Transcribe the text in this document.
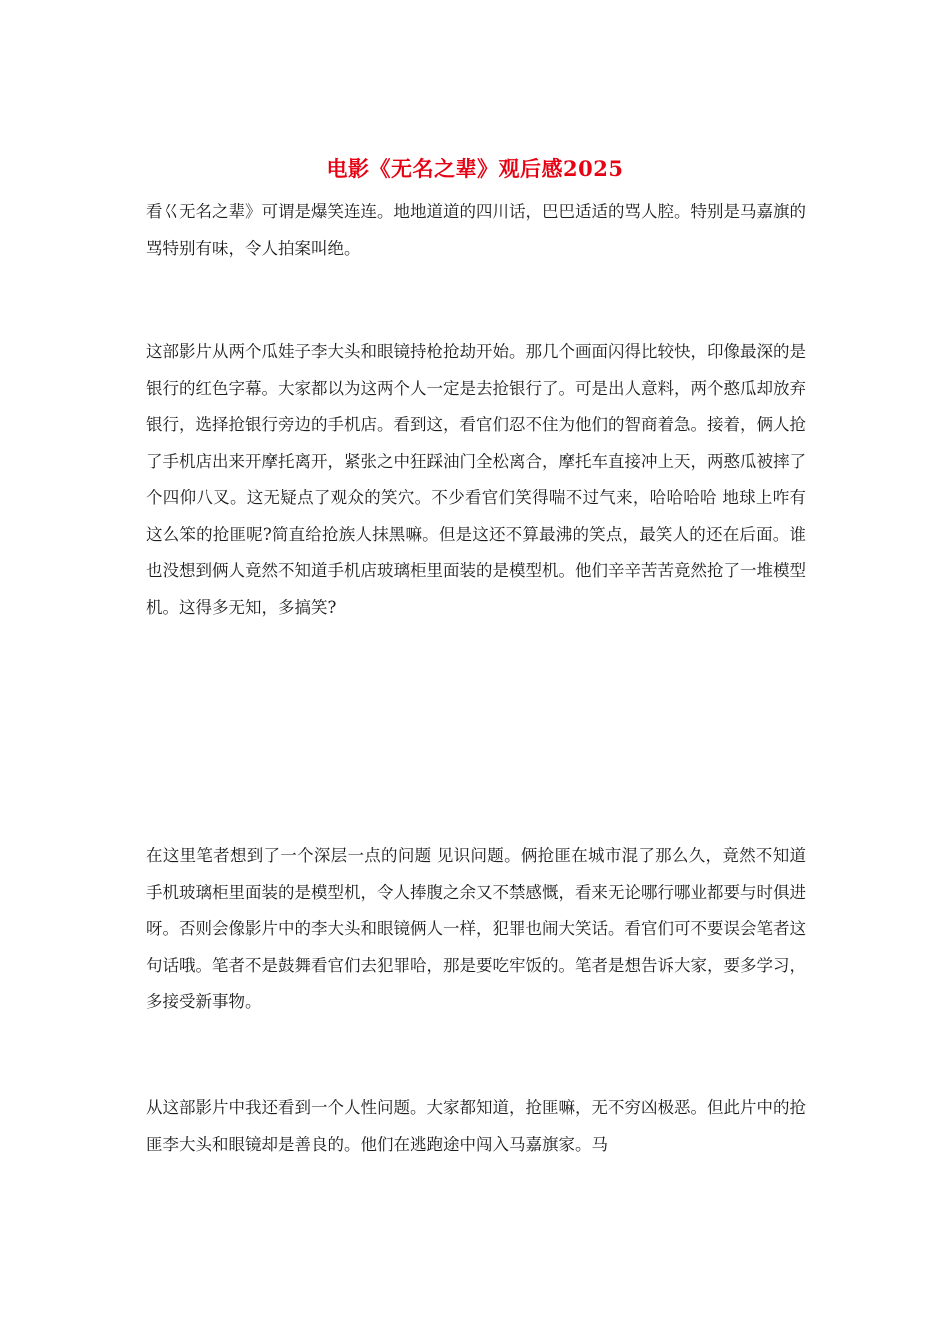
电影《无名之辈》观后感2025

看巜无名之辈》可谓是爆笑连连。地地道道的四川话，巴巴适适的骂人腔。特别是马嘉旗的骂特别有味，令人拍案叫绝。

这部影片从两个瓜娃子李大头和眼镜持枪抢劫开始。那几个画面闪得比较快，印像最深的是银行的红色字幕。大家都以为这两个人一定是去抢银行了。可是出人意料，两个憨瓜却放弃银行，选择抢银行旁边的手机店。看到这，看官们忍不住为他们的智商着急。接着，俩人抢了手机店出来开摩托离开，紧张之中狂踩油门全松离合，摩托车直接冲上天，两憨瓜被摔了个四仰八叉。这无疑点了观众的笑穴。不少看官们笑得喘不过气来，哈哈哈哈 地球上咋有这么笨的抢匪呢?简直给抢族人抹黑嘛。但是这还不算最沸的笑点，最笑人的还在后面。谁也没想到俩人竟然不知道手机店玻璃柜里面装的是模型机。他们辛辛苦苦竟然抢了一堆模型机。这得多无知，多搞笑?

在这里笔者想到了一个深层一点的问题 见识问题。俩抢匪在城市混了那么久，竟然不知道手机玻璃柜里面装的是模型机，令人捧腹之余又不禁感慨，看来无论哪行哪业都要与时俱进呀。否则会像影片中的李大头和眼镜俩人一样，犯罪也闹大笑话。看官们可不要误会笔者这句话哦。笔者不是鼓舞看官们去犯罪哈，那是要吃牢饭的。笔者是想告诉大家，要多学习，多接受新事物。

从这部影片中我还看到一个人性问题。大家都知道，抢匪嘛，无不穷凶极恶。但此片中的抢匪李大头和眼镜却是善良的。他们在逃跑途中闯入马嘉旗家。马
